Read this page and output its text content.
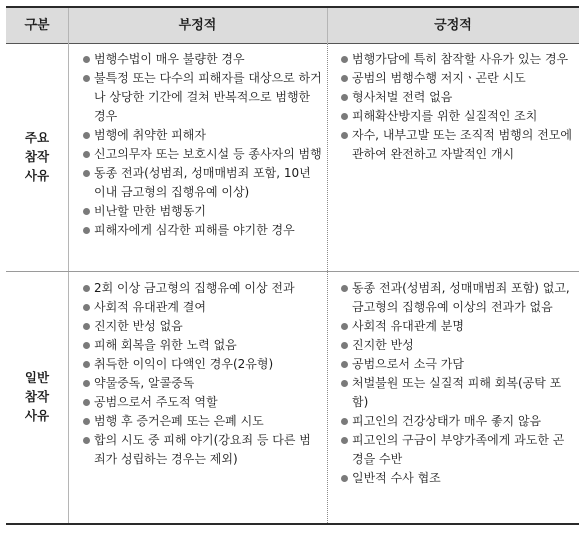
구분	부정적	긍정적
주요
참작
사유
범행수법이 매우 불량한 경우
불특정 또는 다수의 피해자를 대상으로 하거나 상당한 기간에 걸쳐 반복적으로 범행한 경우
범행에 취약한 피해자
신고의무자 또는 보호시설 등 종사자의 범행
동종 전과(성범죄, 성매매범죄 포함, 10년 이내 금고형의 집행유예 이상)
비난할 만한 범행동기
피해자에게 심각한 피해를 야기한 경우
범행가담에 특히 참작할 사유가 있는 경우
공범의 범행수행 저지ㆍ곤란 시도
형사처벌 전력 없음
피해확산방지를 위한 실질적인 조치
자수, 내부고발 또는 조직적 범행의 전모에 관하여 완전하고 자발적인 개시
일반
참작
사유
2회 이상 금고형의 집행유예 이상 전과
사회적 유대관계 결여
진지한 반성 없음
피해 회복을 위한 노력 없음
취득한 이익이 다액인 경우(2유형)
약물중독, 알콜중독
공범으로서 주도적 역할
범행 후 증거은폐 또는 은폐 시도
합의 시도 중 피해 야기(강요죄 등 다른 범죄가 성립하는 경우는 제외)
동종 전과(성범죄, 성매매범죄 포함) 없고, 금고형의 집행유예 이상의 전과가 없음
사회적 유대관계 분명
진지한 반성
공범으로서 소극 가담
처벌불원 또는 실질적 피해 회복(공탁 포함)
피고인의 건강상태가 매우 좋지 않음
피고인의 구금이 부양가족에게 과도한 곤경을 수반
일반적 수사 협조
